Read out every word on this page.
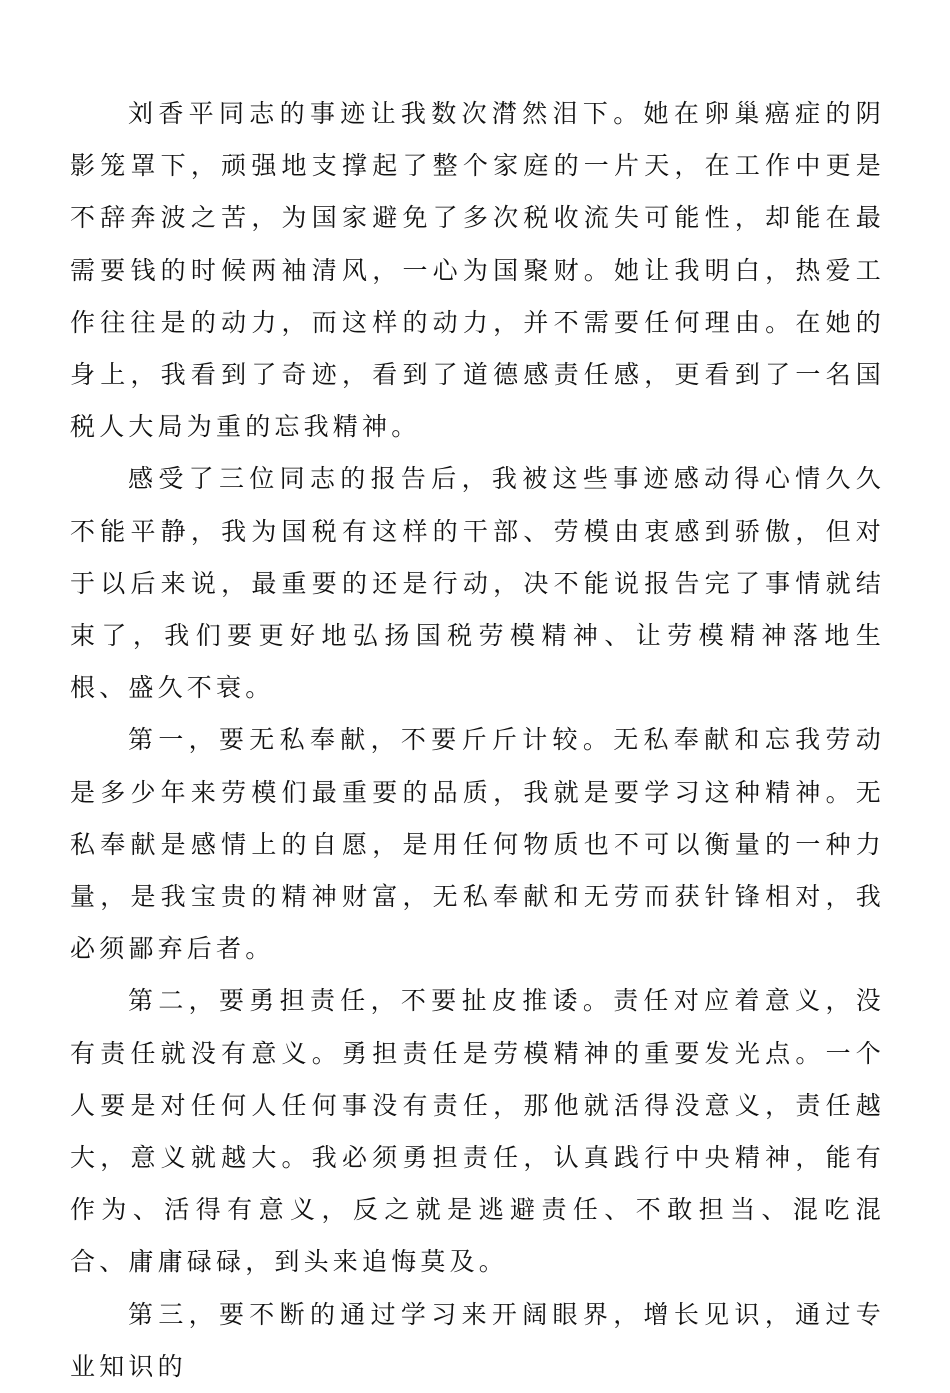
刘香平同志的事迹让我数次潸然泪下。她在卵巢癌症的阴影笼罩下，顽强地支撑起了整个家庭的一片天，在工作中更是不辞奔波之苦，为国家避免了多次税收流失可能性，却能在最需要钱的时候两袖清风，一心为国聚财。她让我明白，热爱工作往往是的动力，而这样的动力，并不需要任何理由。在她的身上，我看到了奇迹，看到了道德感责任感，更看到了一名国税人大局为重的忘我精神。

感受了三位同志的报告后，我被这些事迹感动得心情久久不能平静，我为国税有这样的干部、劳模由衷感到骄傲，但对于以后来说，最重要的还是行动，决不能说报告完了事情就结束了，我们要更好地弘扬国税劳模精神、让劳模精神落地生根、盛久不衰。

第一，要无私奉献，不要斤斤计较。无私奉献和忘我劳动是多少年来劳模们最重要的品质，我就是要学习这种精神。无私奉献是感情上的自愿，是用任何物质也不可以衡量的一种力量，是我宝贵的精神财富，无私奉献和无劳而获针锋相对，我必须鄙弃后者。

第二，要勇担责任，不要扯皮推诿。责任对应着意义，没有责任就没有意义。勇担责任是劳模精神的重要发光点。一个人要是对任何人任何事没有责任，那他就活得没意义，责任越大，意义就越大。我必须勇担责任，认真践行中央精神，能有作为、活得有意义，反之就是逃避责任、不敢担当、混吃混合、庸庸碌碌，到头来追悔莫及。

第三，要不断的通过学习来开阔眼界，增长见识，通过专业知识的
